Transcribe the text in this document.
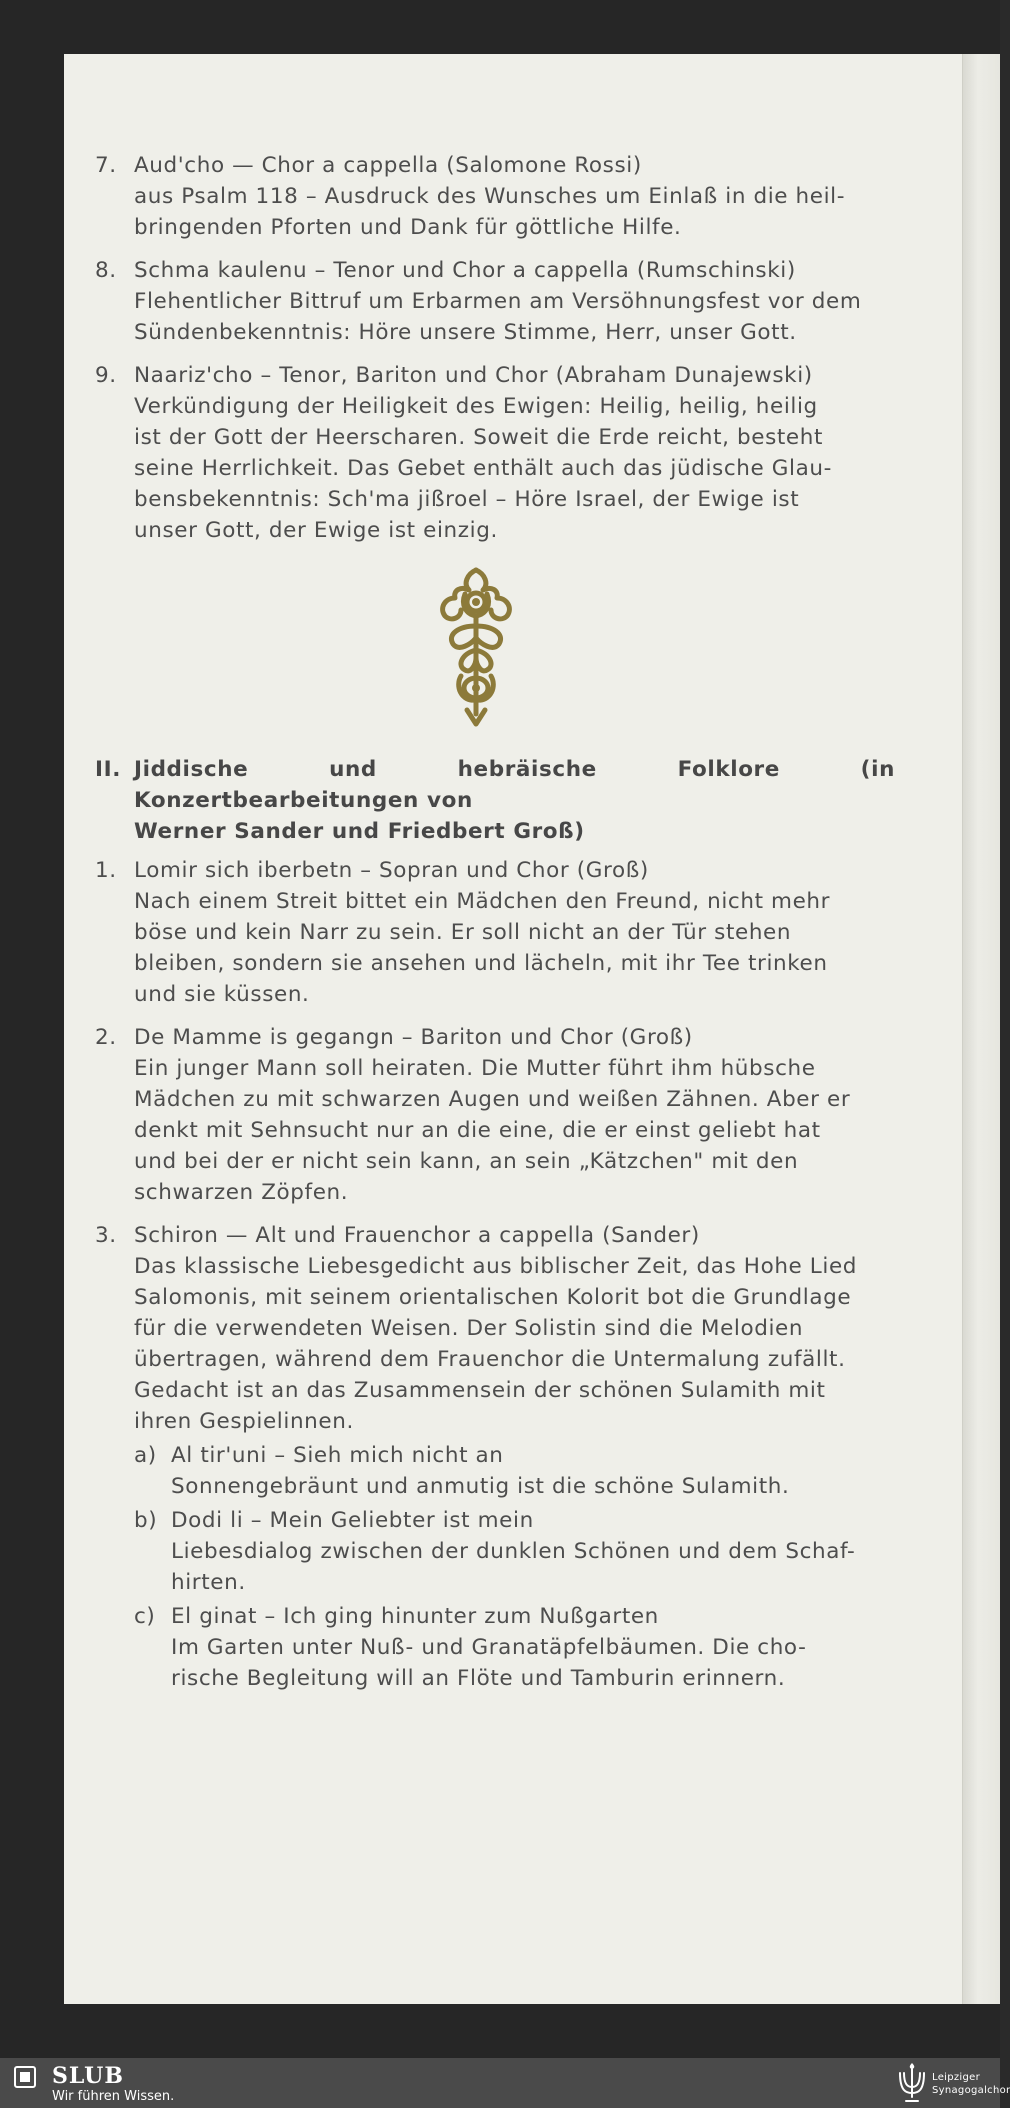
7. Aud'cho — Chor a cappella (Salomone Rossi)
aus Psalm 118 – Ausdruck des Wunsches um Einlaß in die heil-
bringenden Pforten und Dank für göttliche Hilfe.
8. Schma kaulenu – Tenor und Chor a cappella (Rumschinski)
Flehentlicher Bittruf um Erbarmen am Versöhnungsfest vor dem
Sündenbekenntnis: Höre unsere Stimme, Herr, unser Gott.
9. Naariz'cho – Tenor, Bariton und Chor (Abraham Dunajewski)
Verkündigung der Heiligkeit des Ewigen: Heilig, heilig, heilig
ist der Gott der Heerscharen. Soweit die Erde reicht, besteht
seine Herrlichkeit. Das Gebet enthält auch das jüdische Glau-
bensbekenntnis: Sch'ma jißroel – Höre Israel, der Ewige ist
unser Gott, der Ewige ist einzig.
II. Jiddische und hebräische Folklore (in Konzertbearbeitungen von
Werner Sander und Friedbert Groß)
1. Lomir sich iberbetn – Sopran und Chor (Groß)
Nach einem Streit bittet ein Mädchen den Freund, nicht mehr
böse und kein Narr zu sein. Er soll nicht an der Tür stehen
bleiben, sondern sie ansehen und lächeln, mit ihr Tee trinken
und sie küssen.
2. De Mamme is gegangn – Bariton und Chor (Groß)
Ein junger Mann soll heiraten. Die Mutter führt ihm hübsche
Mädchen zu mit schwarzen Augen und weißen Zähnen. Aber er
denkt mit Sehnsucht nur an die eine, die er einst geliebt hat
und bei der er nicht sein kann, an sein „Kätzchen" mit den
schwarzen Zöpfen.
3. Schiron — Alt und Frauenchor a cappella (Sander)
Das klassische Liebesgedicht aus biblischer Zeit, das Hohe Lied
Salomonis, mit seinem orientalischen Kolorit bot die Grundlage
für die verwendeten Weisen. Der Solistin sind die Melodien
übertragen, während dem Frauenchor die Untermalung zufällt.
Gedacht ist an das Zusammensein der schönen Sulamith mit
ihren Gespielinnen.
a) Al tir'uni – Sieh mich nicht an
Sonnengebräunt und anmutig ist die schöne Sulamith.
b) Dodi li – Mein Geliebter ist mein
Liebesdialog zwischen der dunklen Schönen und dem Schaf-
hirten.
c) El ginat – Ich ging hinunter zum Nußgarten
Im Garten unter Nuß- und Granatäpfelbäumen. Die cho-
rische Begleitung will an Flöte und Tamburin erinnern.
SLUB
Wir führen Wissen.
Leipziger
Synagogalchor
